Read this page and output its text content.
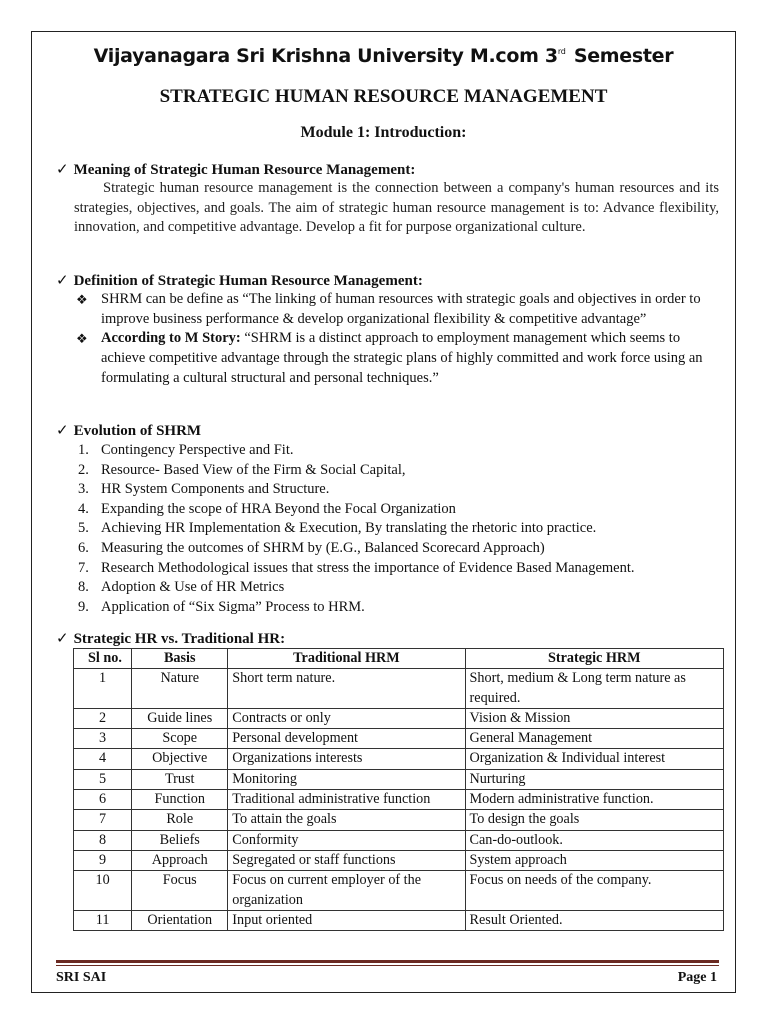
Vijayanagara Sri Krishna University M.com 3rd Semester
STRATEGIC HUMAN RESOURCE MANAGEMENT
Module 1: Introduction:
✓ Meaning of Strategic Human Resource Management:
Strategic human resource management is the connection between a company's human resources and its strategies, objectives, and goals. The aim of strategic human resource management is to: Advance flexibility, innovation, and competitive advantage. Develop a fit for purpose organizational culture.
✓ Definition of Strategic Human Resource Management:
❖ SHRM can be define as “The linking of human resources with strategic goals and objectives in order to improve business performance & develop organizational flexibility & competitive advantage”
❖ According to M Story: “SHRM is a distinct approach to employment management which seems to achieve competitive advantage through the strategic plans of highly committed and work force using an formulating a cultural structural and personal techniques.”
✓ Evolution of SHRM
1. Contingency Perspective and Fit.
2. Resource- Based View of the Firm & Social Capital,
3. HR System Components and Structure.
4. Expanding the scope of HRA Beyond the Focal Organization
5. Achieving HR Implementation & Execution, By translating the rhetoric into practice.
6. Measuring the outcomes of SHRM by (E.G., Balanced Scorecard Approach)
7. Research Methodological issues that stress the importance of Evidence Based Management.
8. Adoption & Use of HR Metrics
9. Application of “Six Sigma” Process to HRM.
✓ Strategic HR vs. Traditional HR:
Sl no.	Basis	Traditional HRM	Strategic HRM
1	Nature	Short term nature.	Short, medium & Long term nature as required.
2	Guide lines	Contracts or only	Vision & Mission
3	Scope	Personal development	General Management
4	Objective	Organizations interests	Organization & Individual interest
5	Trust	Monitoring	Nurturing
6	Function	Traditional administrative function	Modern administrative function.
7	Role	To attain the goals	To design the goals
8	Beliefs	Conformity	Can-do-outlook.
9	Approach	Segregated or staff functions	System approach
10	Focus	Focus on current employer of the organization	Focus on needs of the company.
11	Orientation	Input oriented	Result Oriented.
SRI SAI	Page 1
